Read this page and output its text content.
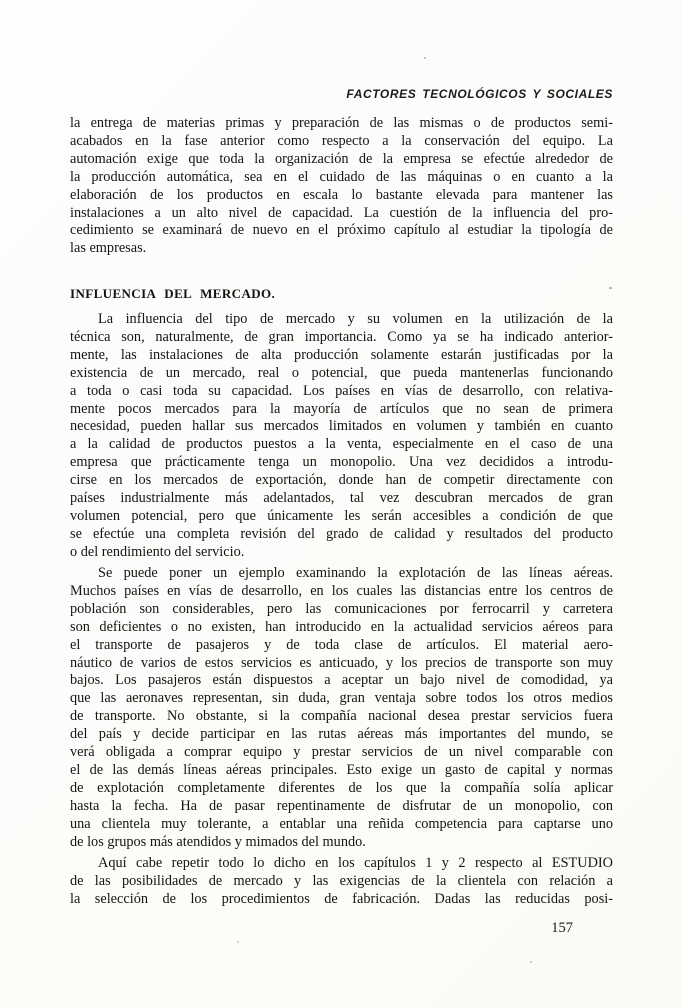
FACTORES TECNOLÓGICOS Y SOCIALES
la entrega de materias primas y preparación de las mismas o de productos semi-
acabados en la fase anterior como respecto a la conservación del equipo. La
automación exige que toda la organización de la empresa se efectúe alrededor de
la producción automática, sea en el cuidado de las máquinas o en cuanto a la
elaboración de los productos en escala lo bastante elevada para mantener las
instalaciones a un alto nivel de capacidad. La cuestión de la influencia del pro-
cedimiento se examinará de nuevo en el próximo capítulo al estudiar la tipología de
las empresas.
INFLUENCIA DEL MERCADO.
La influencia del tipo de mercado y su volumen en la utilización de la
técnica son, naturalmente, de gran importancia. Como ya se ha indicado anterior-
mente, las instalaciones de alta producción solamente estarán justificadas por la
existencia de un mercado, real o potencial, que pueda mantenerlas funcionando
a toda o casi toda su capacidad. Los países en vías de desarrollo, con relativa-
mente pocos mercados para la mayoría de artículos que no sean de primera
necesidad, pueden hallar sus mercados limitados en volumen y también en cuanto
a la calidad de productos puestos a la venta, especialmente en el caso de una
empresa que prácticamente tenga un monopolio. Una vez decididos a introdu-
cirse en los mercados de exportación, donde han de competir directamente con
países industrialmente más adelantados, tal vez descubran mercados de gran
volumen potencial, pero que únicamente les serán accesibles a condición de que
se efectúe una completa revisión del grado de calidad y resultados del producto
o del rendimiento del servicio.
Se puede poner un ejemplo examinando la explotación de las líneas aéreas.
Muchos países en vías de desarrollo, en los cuales las distancias entre los centros de
población son considerables, pero las comunicaciones por ferrocarril y carretera
son deficientes o no existen, han introducido en la actualidad servicios aéreos para
el transporte de pasajeros y de toda clase de artículos. El material aero-
náutico de varios de estos servicios es anticuado, y los precios de transporte son muy
bajos. Los pasajeros están dispuestos a aceptar un bajo nivel de comodidad, ya
que las aeronaves representan, sin duda, gran ventaja sobre todos los otros medios
de transporte. No obstante, si la compañía nacional desea prestar servicios fuera
del país y decide participar en las rutas aéreas más importantes del mundo, se
verá obligada a comprar equipo y prestar servicios de un nivel comparable con
el de las demás líneas aéreas principales. Esto exige un gasto de capital y normas
de explotación completamente diferentes de los que la compañía solía aplicar
hasta la fecha. Ha de pasar repentinamente de disfrutar de un monopolio, con
una clientela muy tolerante, a entablar una reñida competencia para captarse uno
de los grupos más atendidos y mimados del mundo.
Aquí cabe repetir todo lo dicho en los capítulos 1 y 2 respecto al ESTUDIO
de las posibilidades de mercado y las exigencias de la clientela con relación a
la selección de los procedimientos de fabricación. Dadas las reducidas posi-
157
